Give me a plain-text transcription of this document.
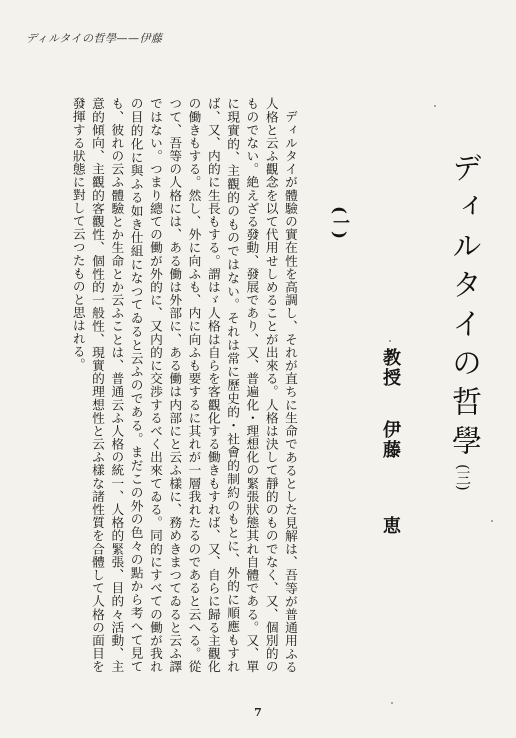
ディルタイの哲學——伊藤
ディルタイの哲學(三)
教授伊藤恵
(一)
ディルタイが體驗の實在性を高調し、それが直ちに生命であるとした見解は、吾等が普通用ふる人格と云ふ觀念を以て代用せしめることが出來る。人格は決して靜的のものでなく、又、個別的のものでない。絶えざる發動、發展であり、又、普遍化・理想化の緊張狀態其れ自體である。又、單に現實的、主觀的のものではない。それは常に歷史的・社會的制約のもとに、外的に順應もすれば、又、内的に生長もする。謂はゞ人格は自らを客觀化する働きもすれば、又、自らに歸る主觀化の働きもする。然し、外に向ふも、内に向ふも要するに其れが一層我れたるのであると云へる。從つて、吾等の人格には、ある働は外部に、ある働は内部にと云ふ樣に、務めきまつてゐると云ふ譯ではない。つまり總ての働が外的に、又内的に交渉するべく出來てゐる。同的にすべての働が我れの目的化に與ふる如き仕組になつてゐると云ふのである。まだこの外の色々の點から考へて見ても、彼れの云ふ體驗とか生命とか云ふことは、普通云ふ人格の統一、人格的緊張、目的々活動、主意的傾向、主觀的客觀性、個性的一般性、現實的理想性と云ふ樣な諸性質を合體して人格の面目を發揮する狀態に對して云つたものと思はれる。
7
